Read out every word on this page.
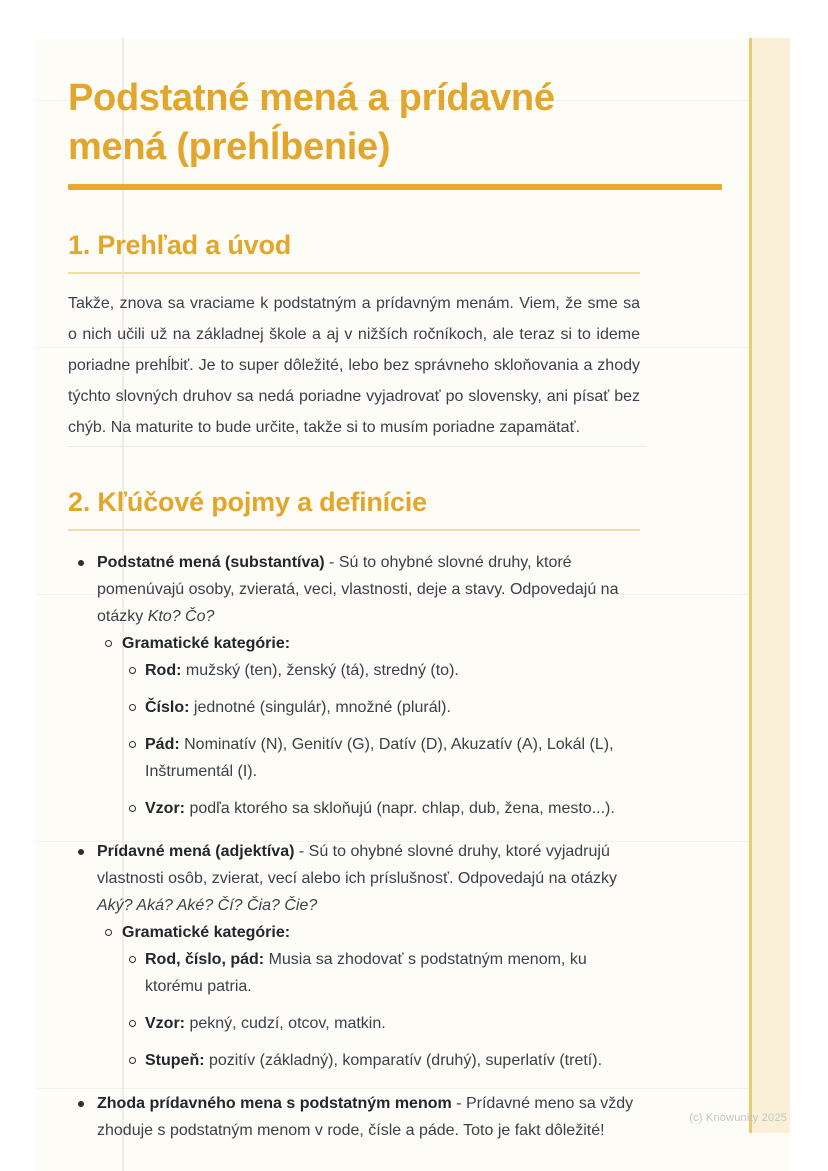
Podstatné mená a prídavné mená (prehĺbenie)
1. Prehľad a úvod

Takže, znova sa vraciame k podstatným a prídavným menám. Viem, že sme sa o nich učili už na základnej škole a aj v nižších ročníkoch, ale teraz si to ideme poriadne prehĺbiť. Je to super dôležité, lebo bez správneho skloňovania a zhody týchto slovných druhov sa nedá poriadne vyjadrovať po slovensky, ani písať bez chýb. Na maturite to bude určite, takže si to musím poriadne zapamätať.

2. Kľúčové pojmy a definície
Podstatné mená (substantíva) - Sú to ohybné slovné druhy, ktoré pomenúvajú osoby, zvieratá, veci, vlastnosti, deje a stavy. Odpovedajú na otázky Kto? Čo?
Gramatické kategórie:
Rod: mužský (ten), ženský (tá), stredný (to).
Číslo: jednotné (singulár), množné (plurál).
Pád: Nominatív (N), Genitív (G), Datív (D), Akuzatív (A), Lokál (L), Inštrumentál (I).
Vzor: podľa ktorého sa skloňujú (napr. chlap, dub, žena, mesto...).
Prídavné mená (adjektíva) - Sú to ohybné slovné druhy, ktoré vyjadrujú vlastnosti osôb, zvierat, vecí alebo ich príslušnosť. Odpovedajú na otázky Aký? Aká? Aké? Čí? Čia? Čie?
Gramatické kategórie:
Rod, číslo, pád: Musia sa zhodovať s podstatným menom, ku ktorému patria.
Vzor: pekný, cudzí, otcov, matkin.
Stupeň: pozitív (základný), komparatív (druhý), superlatív (tretí).
Zhoda prídavného mena s podstatným menom - Prídavné meno sa vždy zhoduje s podstatným menom v rode, čísle a páde. Toto je fakt dôležité!
(c) Knowunity 2025
